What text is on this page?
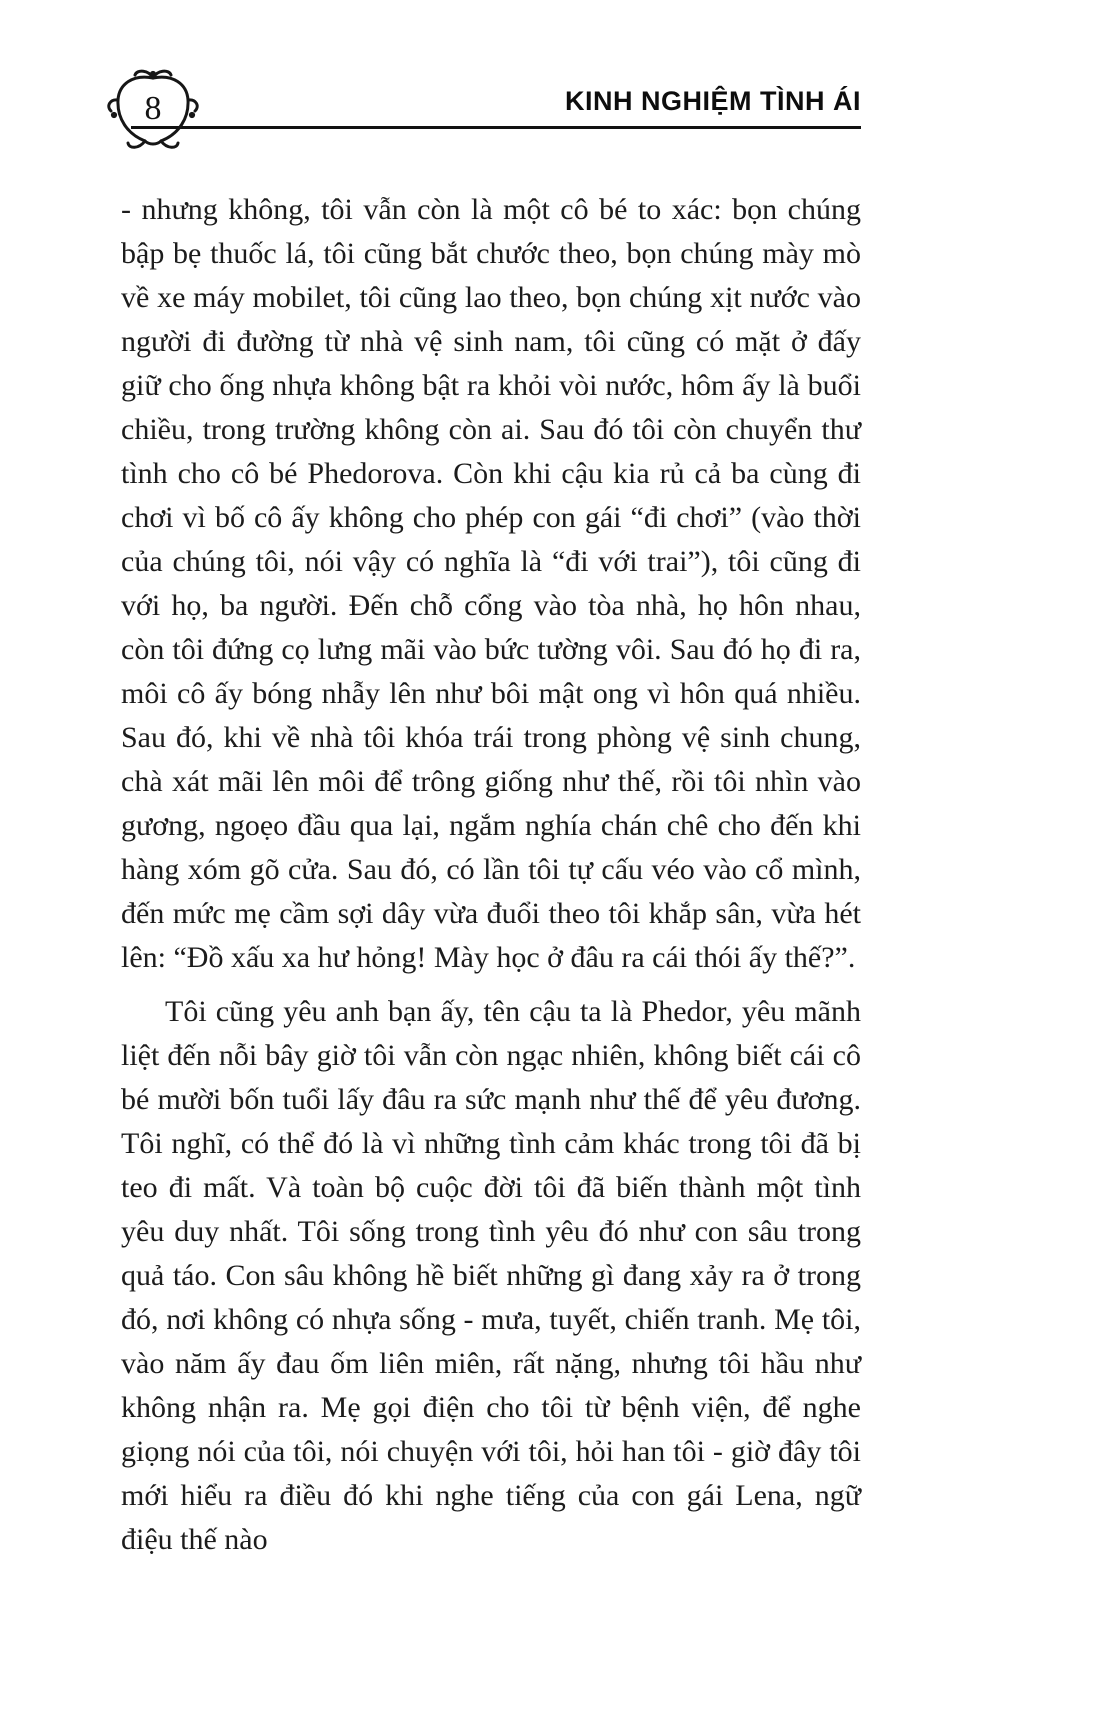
8	KINH NGHIỆM TÌNH ÁI

- nhưng không, tôi vẫn còn là một cô bé to xác: bọn chúng bập bẹ thuốc lá, tôi cũng bắt chước theo, bọn chúng mày mò về xe máy mobilet, tôi cũng lao theo, bọn chúng xịt nước vào người đi đường từ nhà vệ sinh nam, tôi cũng có mặt ở đấy giữ cho ống nhựa không bật ra khỏi vòi nước, hôm ấy là buổi chiều, trong trường không còn ai. Sau đó tôi còn chuyển thư tình cho cô bé Phedorova. Còn khi cậu kia rủ cả ba cùng đi chơi vì bố cô ấy không cho phép con gái “đi chơi” (vào thời của chúng tôi, nói vậy có nghĩa là “đi với trai”), tôi cũng đi với họ, ba người. Đến chỗ cổng vào tòa nhà, họ hôn nhau, còn tôi đứng cọ lưng mãi vào bức tường vôi. Sau đó họ đi ra, môi cô ấy bóng nhẫy lên như bôi mật ong vì hôn quá nhiều. Sau đó, khi về nhà tôi khóa trái trong phòng vệ sinh chung, chà xát mãi lên môi để trông giống như thế, rồi tôi nhìn vào gương, ngoẹo đầu qua lại, ngắm nghía chán chê cho đến khi hàng xóm gõ cửa. Sau đó, có lần tôi tự cấu véo vào cổ mình, đến mức mẹ cầm sợi dây vừa đuổi theo tôi khắp sân, vừa hét lên: “Đồ xấu xa hư hỏng! Mày học ở đâu ra cái thói ấy thế?”.

Tôi cũng yêu anh bạn ấy, tên cậu ta là Phedor, yêu mãnh liệt đến nỗi bây giờ tôi vẫn còn ngạc nhiên, không biết cái cô bé mười bốn tuổi lấy đâu ra sức mạnh như thế để yêu đương. Tôi nghĩ, có thể đó là vì những tình cảm khác trong tôi đã bị teo đi mất. Và toàn bộ cuộc đời tôi đã biến thành một tình yêu duy nhất. Tôi sống trong tình yêu đó như con sâu trong quả táo. Con sâu không hề biết những gì đang xảy ra ở trong đó, nơi không có nhựa sống - mưa, tuyết, chiến tranh. Mẹ tôi, vào năm ấy đau ốm liên miên, rất nặng, nhưng tôi hầu như không nhận ra. Mẹ gọi điện cho tôi từ bệnh viện, để nghe giọng nói của tôi, nói chuyện với tôi, hỏi han tôi - giờ đây tôi mới hiểu ra điều đó khi nghe tiếng của con gái Lena, ngữ điệu thế nào
